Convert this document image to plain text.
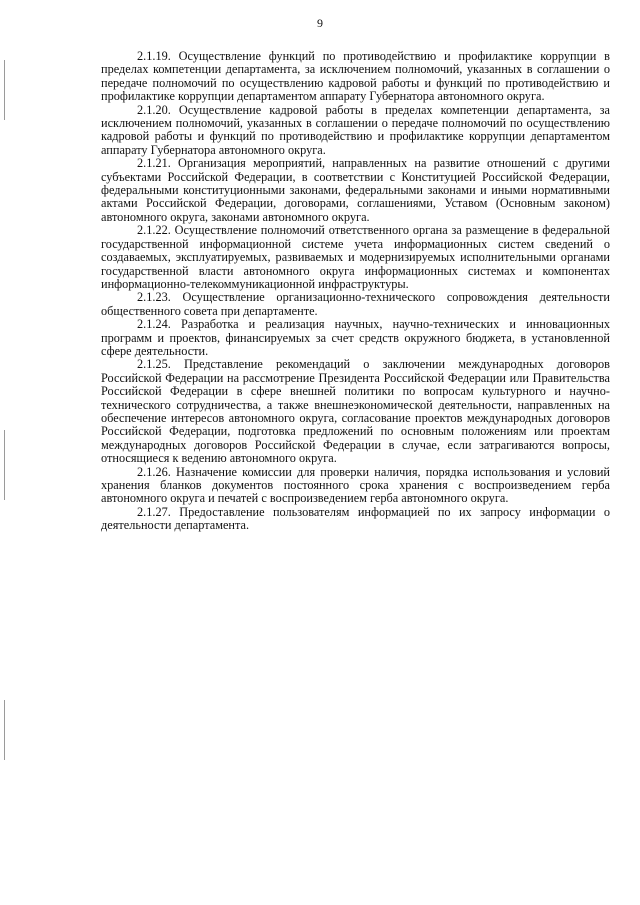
9

2.1.19. Осуществление функций по противодействию и профилактике коррупции в пределах компетенции департамента, за исключением полномочий, указанных в соглашении о передаче полномочий по осуществлению кадровой работы и функций по противодействию и профилактике коррупции департаментом аппарату Губернатора автономного округа.

2.1.20. Осуществление кадровой работы в пределах компетенции департамента, за исключением полномочий, указанных в соглашении о передаче полномочий по осуществлению кадровой работы и функций по противодействию и профилактике коррупции департаментом аппарату Губернатора автономного округа.

2.1.21. Организация мероприятий, направленных на развитие отношений с другими субъектами Российской Федерации, в соответствии с Конституцией Российской Федерации, федеральными конституционными законами, федеральными законами и иными нормативными актами Российской Федерации, договорами, соглашениями, Уставом (Основным законом) автономного округа, законами автономного округа.

2.1.22. Осуществление полномочий ответственного органа за размещение в федеральной государственной информационной системе учета информационных систем сведений о создаваемых, эксплуатируемых, развиваемых и модернизируемых исполнительными органами государственной власти автономного округа информационных системах и компонентах информационно-телекоммуникационной инфраструктуры.

2.1.23. Осуществление организационно-технического сопровождения деятельности общественного совета при департаменте.

2.1.24. Разработка и реализация научных, научно-технических и инновационных программ и проектов, финансируемых за счет средств окружного бюджета, в установленной сфере деятельности.

2.1.25. Представление рекомендаций о заключении международных договоров Российской Федерации на рассмотрение Президента Российской Федерации или Правительства Российской Федерации в сфере внешней политики по вопросам культурного и научно-технического сотрудничества, а также внешнеэкономической деятельности, направленных на обеспечение интересов автономного округа, согласование проектов международных договоров Российской Федерации, подготовка предложений по основным положениям или проектам международных договоров Российской Федерации в случае, если затрагиваются вопросы, относящиеся к ведению автономного округа.

2.1.26. Назначение комиссии для проверки наличия, порядка использования и условий хранения бланков документов постоянного срока хранения с воспроизведением герба автономного округа и печатей с воспроизведением герба автономного округа.

2.1.27. Предоставление пользователям информацией по их запросу информации о деятельности департамента.
